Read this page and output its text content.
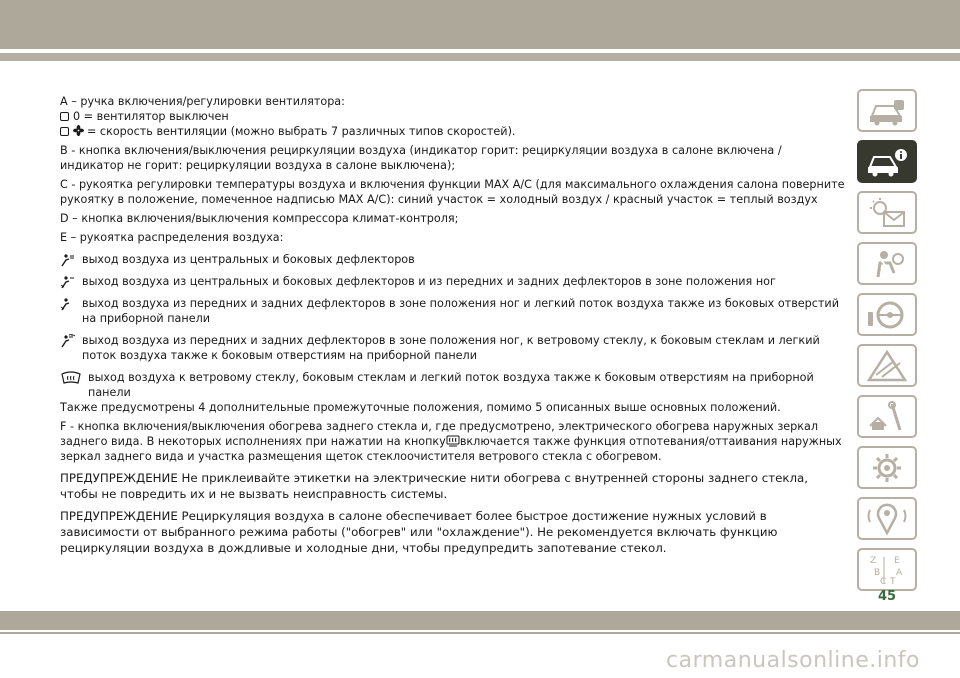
A – ручка включения/регулировки вентилятора:

0 = вентилятор выключен

= скорость вентиляции (можно выбрать 7 различных типов скоростей).

B - кнопка включения/выключения рециркуляции воздуха (индикатор горит: рециркуляции воздуха в салоне включена / индикатор не горит: рециркуляции воздуха в салоне выключена);

C - рукоятка регулировки температуры воздуха и включения функции MAX A/C (для максимального охлаждения салона поверните рукоятку в положение, помеченное надписью MAX A/C): синий участок = холодный воздух / красный участок = теплый воздух

D – кнопка включения/выключения компрессора климат-контроля;

E – рукоятка распределения воздуха:

выход воздуха из центральных и боковых дефлекторов
выход воздуха из центральных и боковых дефлекторов и из передних и задних дефлекторов в зоне положения ног
выход воздуха из передних и задних дефлекторов в зоне положения ног и легкий поток воздуха также из боковых отверстий на приборной панели
выход воздуха из передних и задних дефлекторов в зоне положения ног, к ветровому стеклу, к боковым стеклам и легкий поток воздуха также к боковым отверстиям на приборной панели
выход воздуха к ветровому стеклу, боковым стеклам и легкий поток воздуха также к боковым отверстиям на приборной панели

Также предусмотрены 4 дополнительные промежуточные положения, помимо 5 описанных выше основных положений.

F - кнопка включения/выключения обогрева заднего стекла и, где предусмотрено, электрического обогрева наружных зеркал заднего вида. В некоторых исполнениях при нажатии на кнопку включается также функция отпотевания/оттаивания наружных зеркал заднего вида и участка размещения щеток стеклоочистителя ветрового стекла с обогревом.

ПРЕДУПРЕЖДЕНИЕ Не приклеивайте этикетки на электрические нити обогрева с внутренней стороны заднего стекла, чтобы не повредить их и не вызвать неисправность системы.

ПРЕДУПРЕЖДЕНИЕ Рециркуляция воздуха в салоне обеспечивает более быстрое достижение нужных условий в зависимости от выбранного режима работы ("обогрев" или "охлаждение"). Не рекомендуется включать функцию рециркуляции воздуха в дождливые и холодные дни, чтобы предупредить запотевание стекол.

Z E
B A
C T
45
carmanualsonline.info
